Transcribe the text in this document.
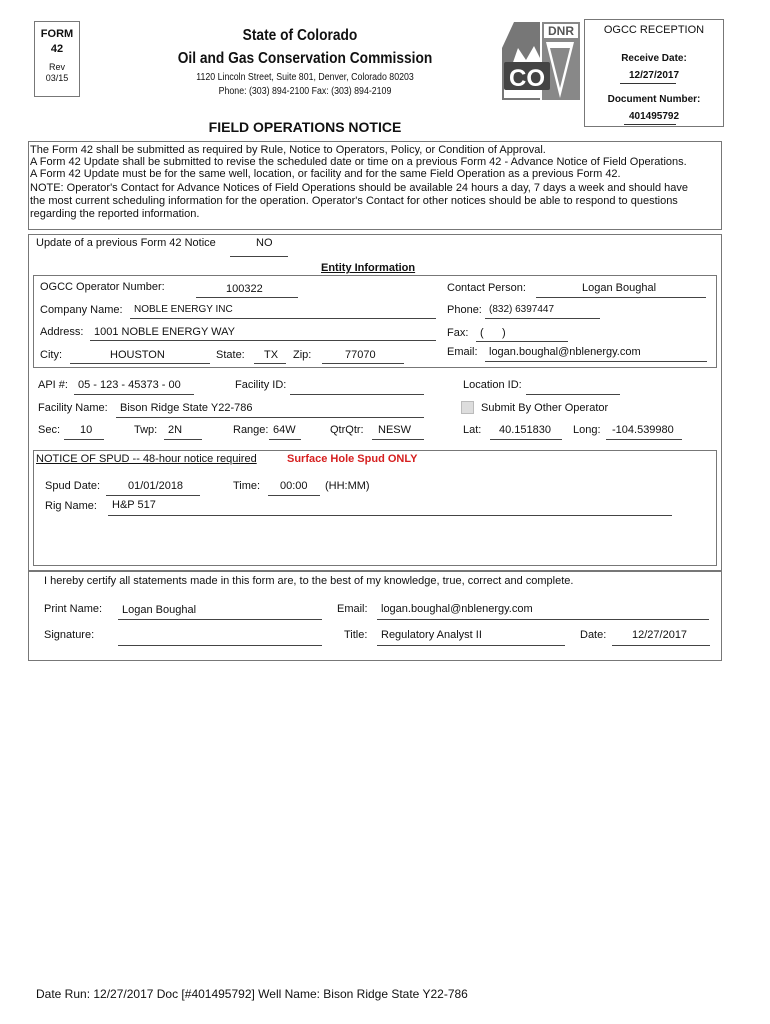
FORM
42
Rev
03/15
State of Colorado
Oil and Gas Conservation Commission
1120 Lincoln Street, Suite 801, Denver, Colorado 80203
Phone: (303) 894-2100 Fax: (303) 894-2109
DNR
CO
OGCC RECEPTION
Receive Date:
12/27/2017
Document Number:
401495792
FIELD OPERATIONS NOTICE
The Form 42 shall be submitted as required by Rule, Notice to Operators, Policy, or Condition of Approval.
A Form 42 Update shall be submitted to revise the scheduled date or time on a previous Form 42 - Advance Notice of Field Operations.
A Form 42 Update must be for the same well, location, or facility and for the same Field Operation as a previous Form 42.
NOTE: Operator's Contact for Advance Notices of Field Operations should be available 24 hours a day, 7 days a week and should have
the most current scheduling information for the operation. Operator's Contact for other notices should be able to respond to questions
regarding the reported information.
Update of a previous Form 42 Notice	NO
Entity Information
OGCC Operator Number:	100322	Contact Person:	Logan Boughal
Company Name: NOBLE ENERGY INC	Phone: (832) 6397447
Address: 1001 NOBLE ENERGY WAY	Fax: (      )
City:	HOUSTON	State: TX Zip:	77070	Email: logan.boughal@nblenergy.com
API #: 05 - 123 - 45373 - 00	Facility ID:	Location ID:
Facility Name: Bison Ridge State Y22-786	Submit By Other Operator
Sec: 10	Twp: 2N	Range: 64W	QtrQtr: NESW	Lat: 40.151830 Long: -104.539980
NOTICE OF SPUD -- 48-hour notice required	Surface Hole Spud ONLY
Spud Date:	01/01/2018	Time: 00:00 (HH:MM)
Rig Name: H&P 517
I hereby certify all statements made in this form are, to the best of my knowledge, true, correct and complete.
Print Name: Logan Boughal	Email: logan.boughal@nblenergy.com
Signature:	Title: Regulatory Analyst II	Date: 12/27/2017
Date Run: 12/27/2017 Doc [#401495792] Well Name: Bison Ridge State Y22-786
